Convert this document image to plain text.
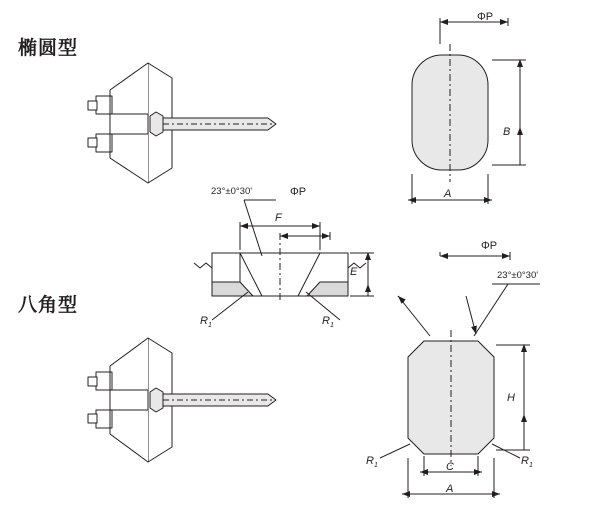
椭圆型
八角型
ΦP
B
A
23°±0°30'	ΦP
F
E
$R_1$	$R_1$
ΦP
23°±0°30'
H
C
A
$R_1$	$R_1$
